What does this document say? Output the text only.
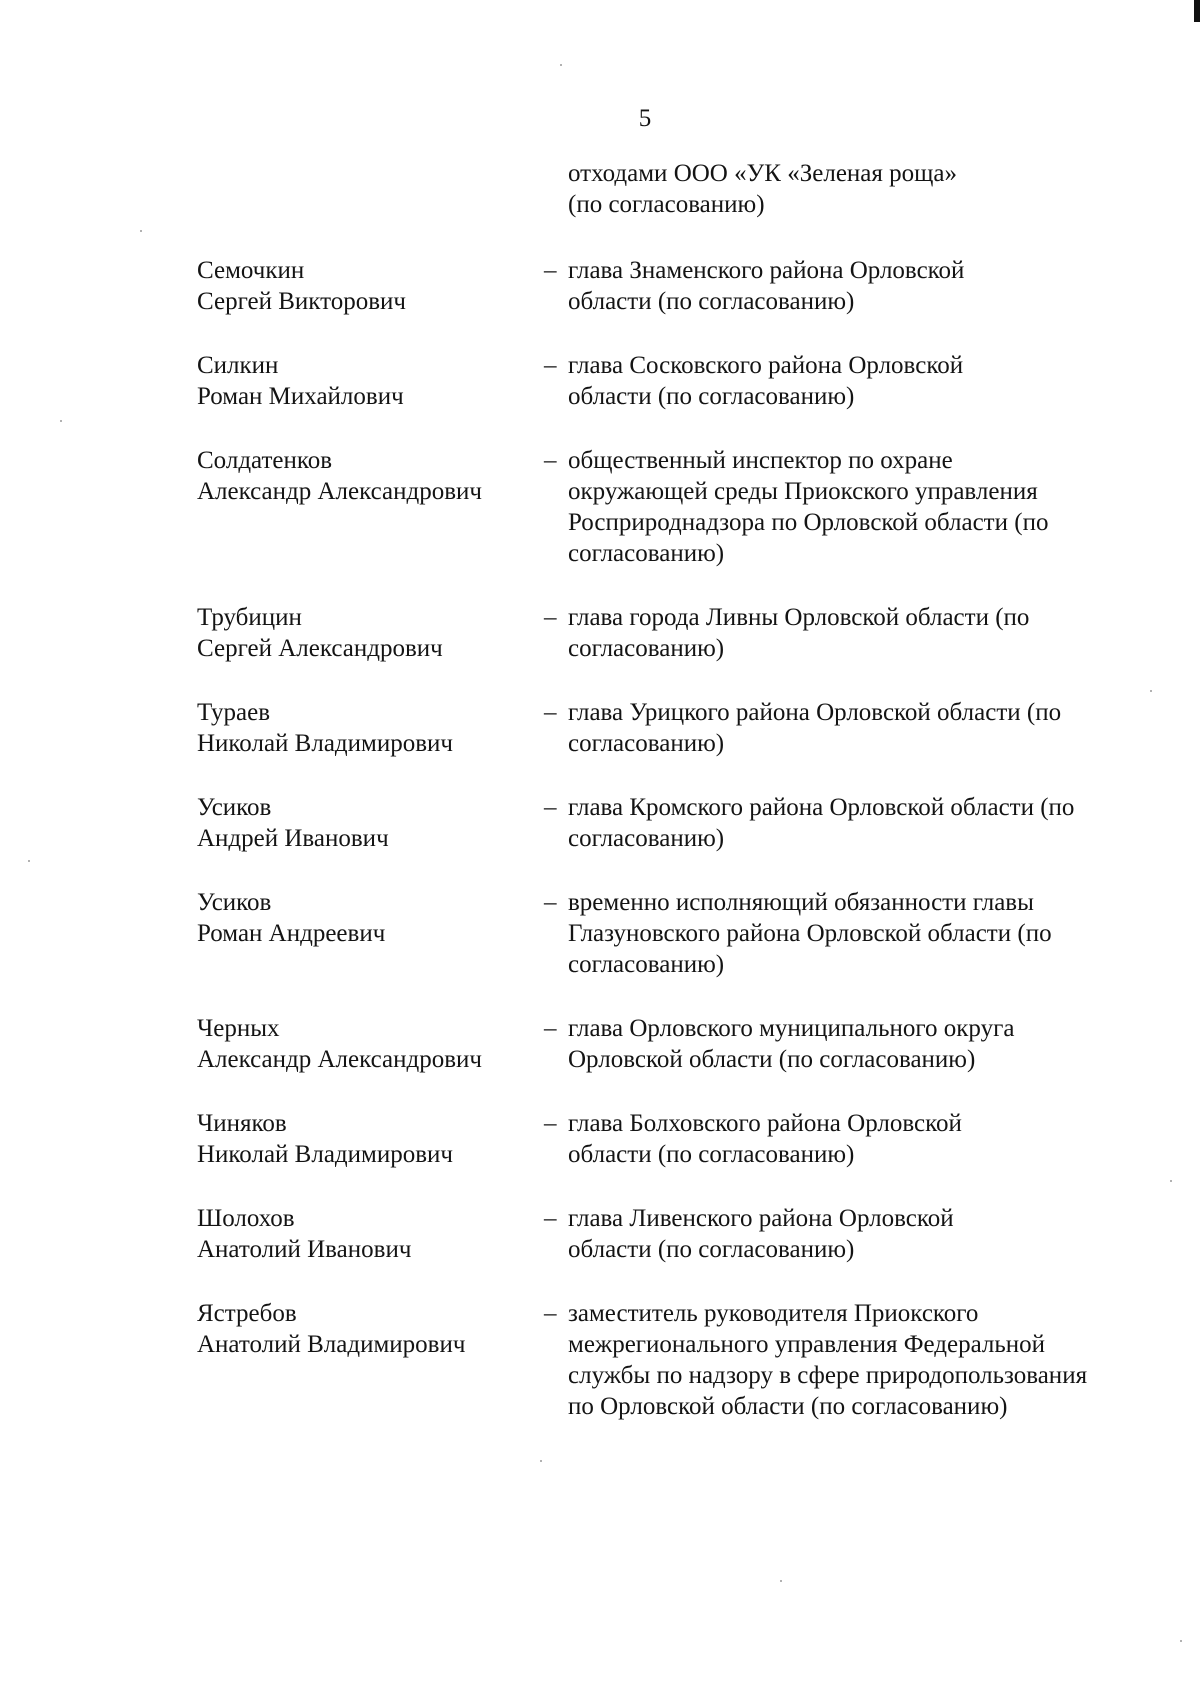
5
отходами ООО «УК «Зеленая роща»
(по согласованию)
Семочкин
Сергей Викторович
– глава Знаменского района Орловской области (по согласованию)
Силкин
Роман Михайлович
– глава Сосковского района Орловской области (по согласованию)
Солдатенков
Александр Александрович
– общественный инспектор по охране окружающей среды Приокского управления Росприроднадзора по Орловской области (по согласованию)
Трубицин
Сергей Александрович
– глава города Ливны Орловской области (по согласованию)
Тураев
Николай Владимирович
– глава Урицкого района Орловской области (по согласованию)
Усиков
Андрей Иванович
– глава Кромского района Орловской области (по согласованию)
Усиков
Роман Андреевич
– временно исполняющий обязанности главы Глазуновского района Орловской области (по согласованию)
Черных
Александр Александрович
– глава Орловского муниципального округа Орловской области (по согласованию)
Чиняков
Николай Владимирович
– глава Болховского района Орловской области (по согласованию)
Шолохов
Анатолий Иванович
– глава Ливенского района Орловской области (по согласованию)
Ястребов
Анатолий Владимирович
– заместитель руководителя Приокского межрегионального управления Федеральной службы по надзору в сфере природопользования по Орловской области (по согласованию)
